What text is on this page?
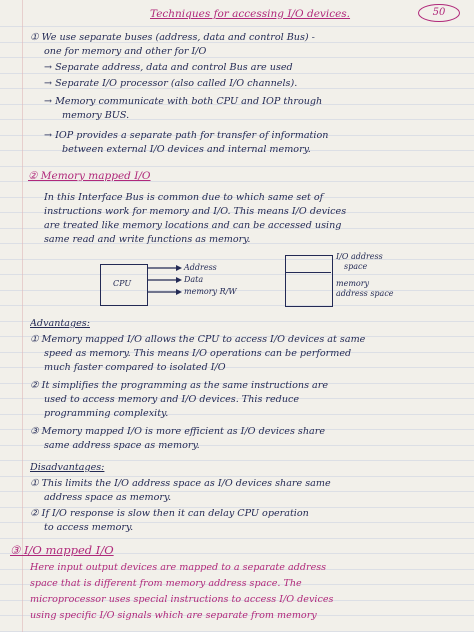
50
Techniques for accessing I/O devices.
① We use separate buses (address, data and control Bus) -
one for memory and other for I/O
→ Separate address, data and control Bus are used
→ Separate I/O processor (also called I/O channels).
→ Memory communicate with both CPU and IOP through
memory BUS.
→ IOP provides a separate path for transfer of information
between external I/O devices and internal memory.
② Memory mapped I/O
In this Interface Bus is common due to which same set of
instructions work for memory and I/O. This means I/O devices
are treated like memory locations and can be accessed using
same read and write functions as memory.
CPU
Address
Data
memory R/W
I/O address
space
memory
address space
Advantages:
① Memory mapped I/O allows the CPU to access I/O devices at same
speed as memory. This means I/O operations can be performed
much faster compared to isolated I/O
② It simplifies the programming as the same instructions are
used to access memory and I/O devices. This reduce
programming complexity.
③ Memory mapped I/O is more efficient as I/O devices share
same address space as memory.
Disadvantages:
① This limits the I/O address space as I/O devices share same
address space as memory.
② If I/O response is slow then it can delay CPU operation
to access memory.
③ I/O mapped I/O
Here input output devices are mapped to a separate address
space that is different from memory address space. The
microprocessor uses special instructions to access I/O devices
using specific I/O signals which are separate from memory
